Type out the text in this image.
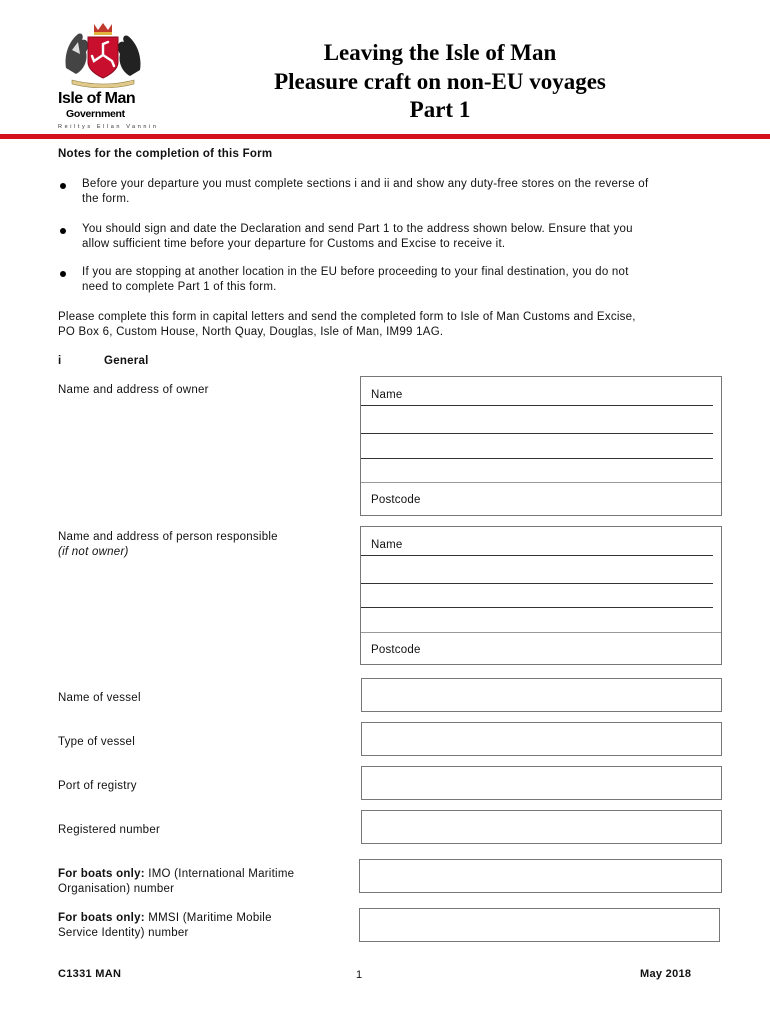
Isle of Man
Government
Reiltys Ellan Vannin
Leaving the Isle of Man
Pleasure craft on non-EU voyages
Part 1
Notes for the completion of this Form
Before your departure you must complete sections i and ii and show any duty-free stores on the reverse of
the form.
You should sign and date the Declaration and send Part 1 to the address shown below. Ensure that you
allow sufficient time before your departure for Customs and Excise to receive it.
If you are stopping at another location in the EU before proceeding to your final destination, you do not
need to complete Part 1 of this form.
Please complete this form in capital letters and send the completed form to Isle of Man Customs and Excise,
PO Box 6, Custom House, North Quay, Douglas, Isle of Man, IM99 1AG.
i	General
Name and address of owner	Name
Postcode
Name and address of person responsible
(if not owner)
Name
Postcode
Name of vessel
Type of vessel
Port of registry
Registered number
For boats only: IMO (International Maritime
Organisation) number
For boats only: MMSI (Maritime Mobile
Service Identity) number
C1331 MAN	1	May 2018
